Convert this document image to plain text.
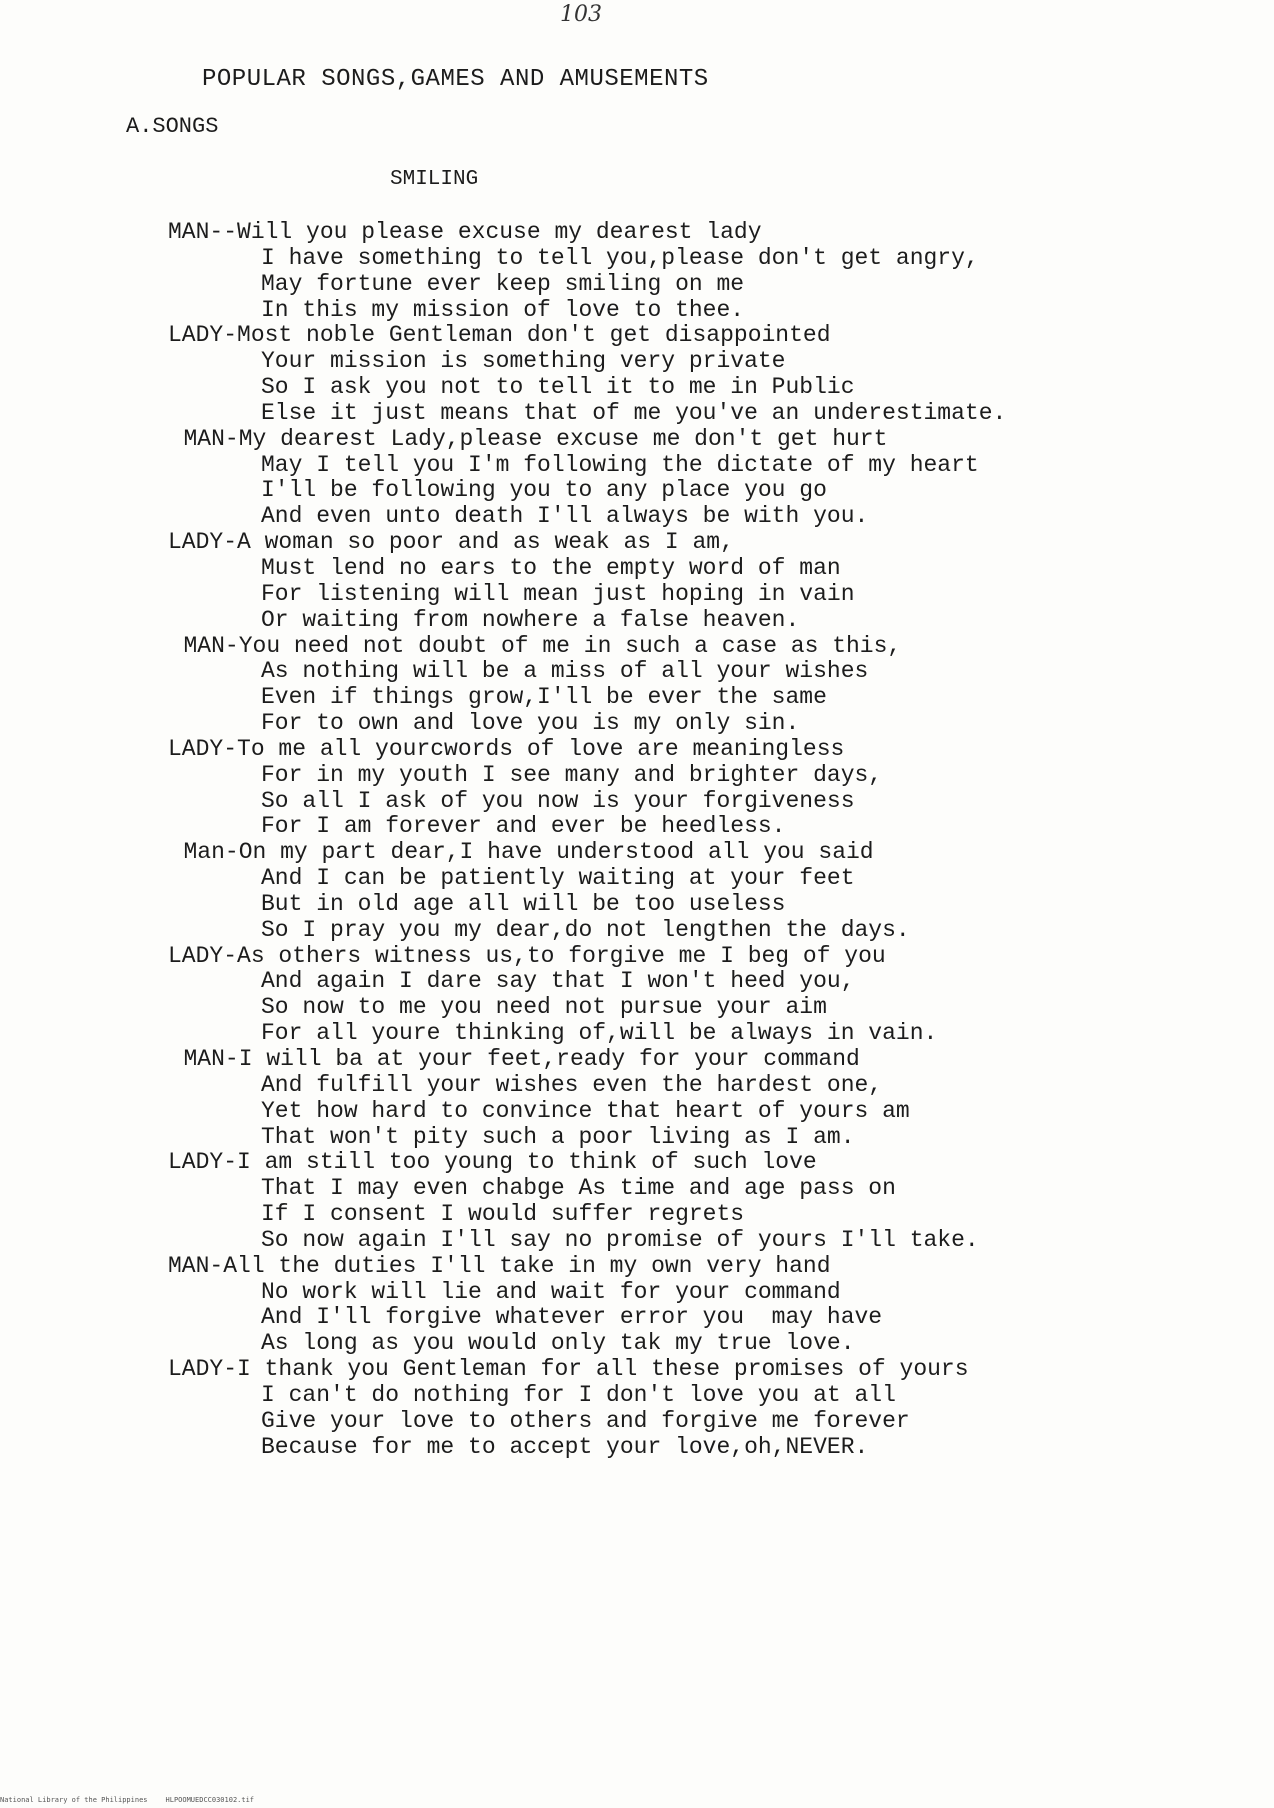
103
POPULAR SONGS,GAMES AND AMUSEMENTS
A.SONGS
SMILING
MAN--Will you please excuse my dearest lady
I have something to tell you,please don't get angry,
May fortune ever keep smiling on me
In this my mission of love to thee.
LADY-Most noble Gentleman don't get disappointed
Your mission is something very private
So I ask you not to tell it to me in Public
Else it just means that of me you've an underestimate.
MAN-My dearest Lady,please excuse me don't get hurt
May I tell you I'm following the dictate of my heart
I'll be following you to any place you go
And even unto death I'll always be with you.
LADY-A woman so poor and as weak as I am,
Must lend no ears to the empty word of man
For listening will mean just hoping in vain
Or waiting from nowhere a false heaven.
MAN-You need not doubt of me in such a case as this,
As nothing will be a miss of all your wishes
Even if things grow,I'll be ever the same
For to own and love you is my only sin.
LADY-To me all yourcwords of love are meaningless
For in my youth I see many and brighter days,
So all I ask of you now is your forgiveness
For I am forever and ever be heedless.
Man-On my part dear,I have understood all you said
And I can be patiently waiting at your feet
But in old age all will be too useless
So I pray you my dear,do not lengthen the days.
LADY-As others witness us,to forgive me I beg of you
And again I dare say that I won't heed you,
So now to me you need not pursue your aim
For all youre thinking of,will be always in vain.
MAN-I will ba at your feet,ready for your command
And fulfill your wishes even the hardest one,
Yet how hard to convince that heart of yours am
That won't pity such a poor living as I am.
LADY-I am still too young to think of such love
That I may even chabge As time and age pass on
If I consent I would suffer regrets
So now again I'll say no promise of yours I'll take.
MAN-All the duties I'll take in my own very hand
No work will lie and wait for your command
And I'll forgive whatever error you  may have
As long as you would only tak my true love.
LADY-I thank you Gentleman for all these promises of yours
I can't do nothing for I don't love you at all
Give your love to others and forgive me forever
Because for me to accept your love,oh,NEVER.
National Library of the Philippines	HLPOOMUEDCC030102.tif
